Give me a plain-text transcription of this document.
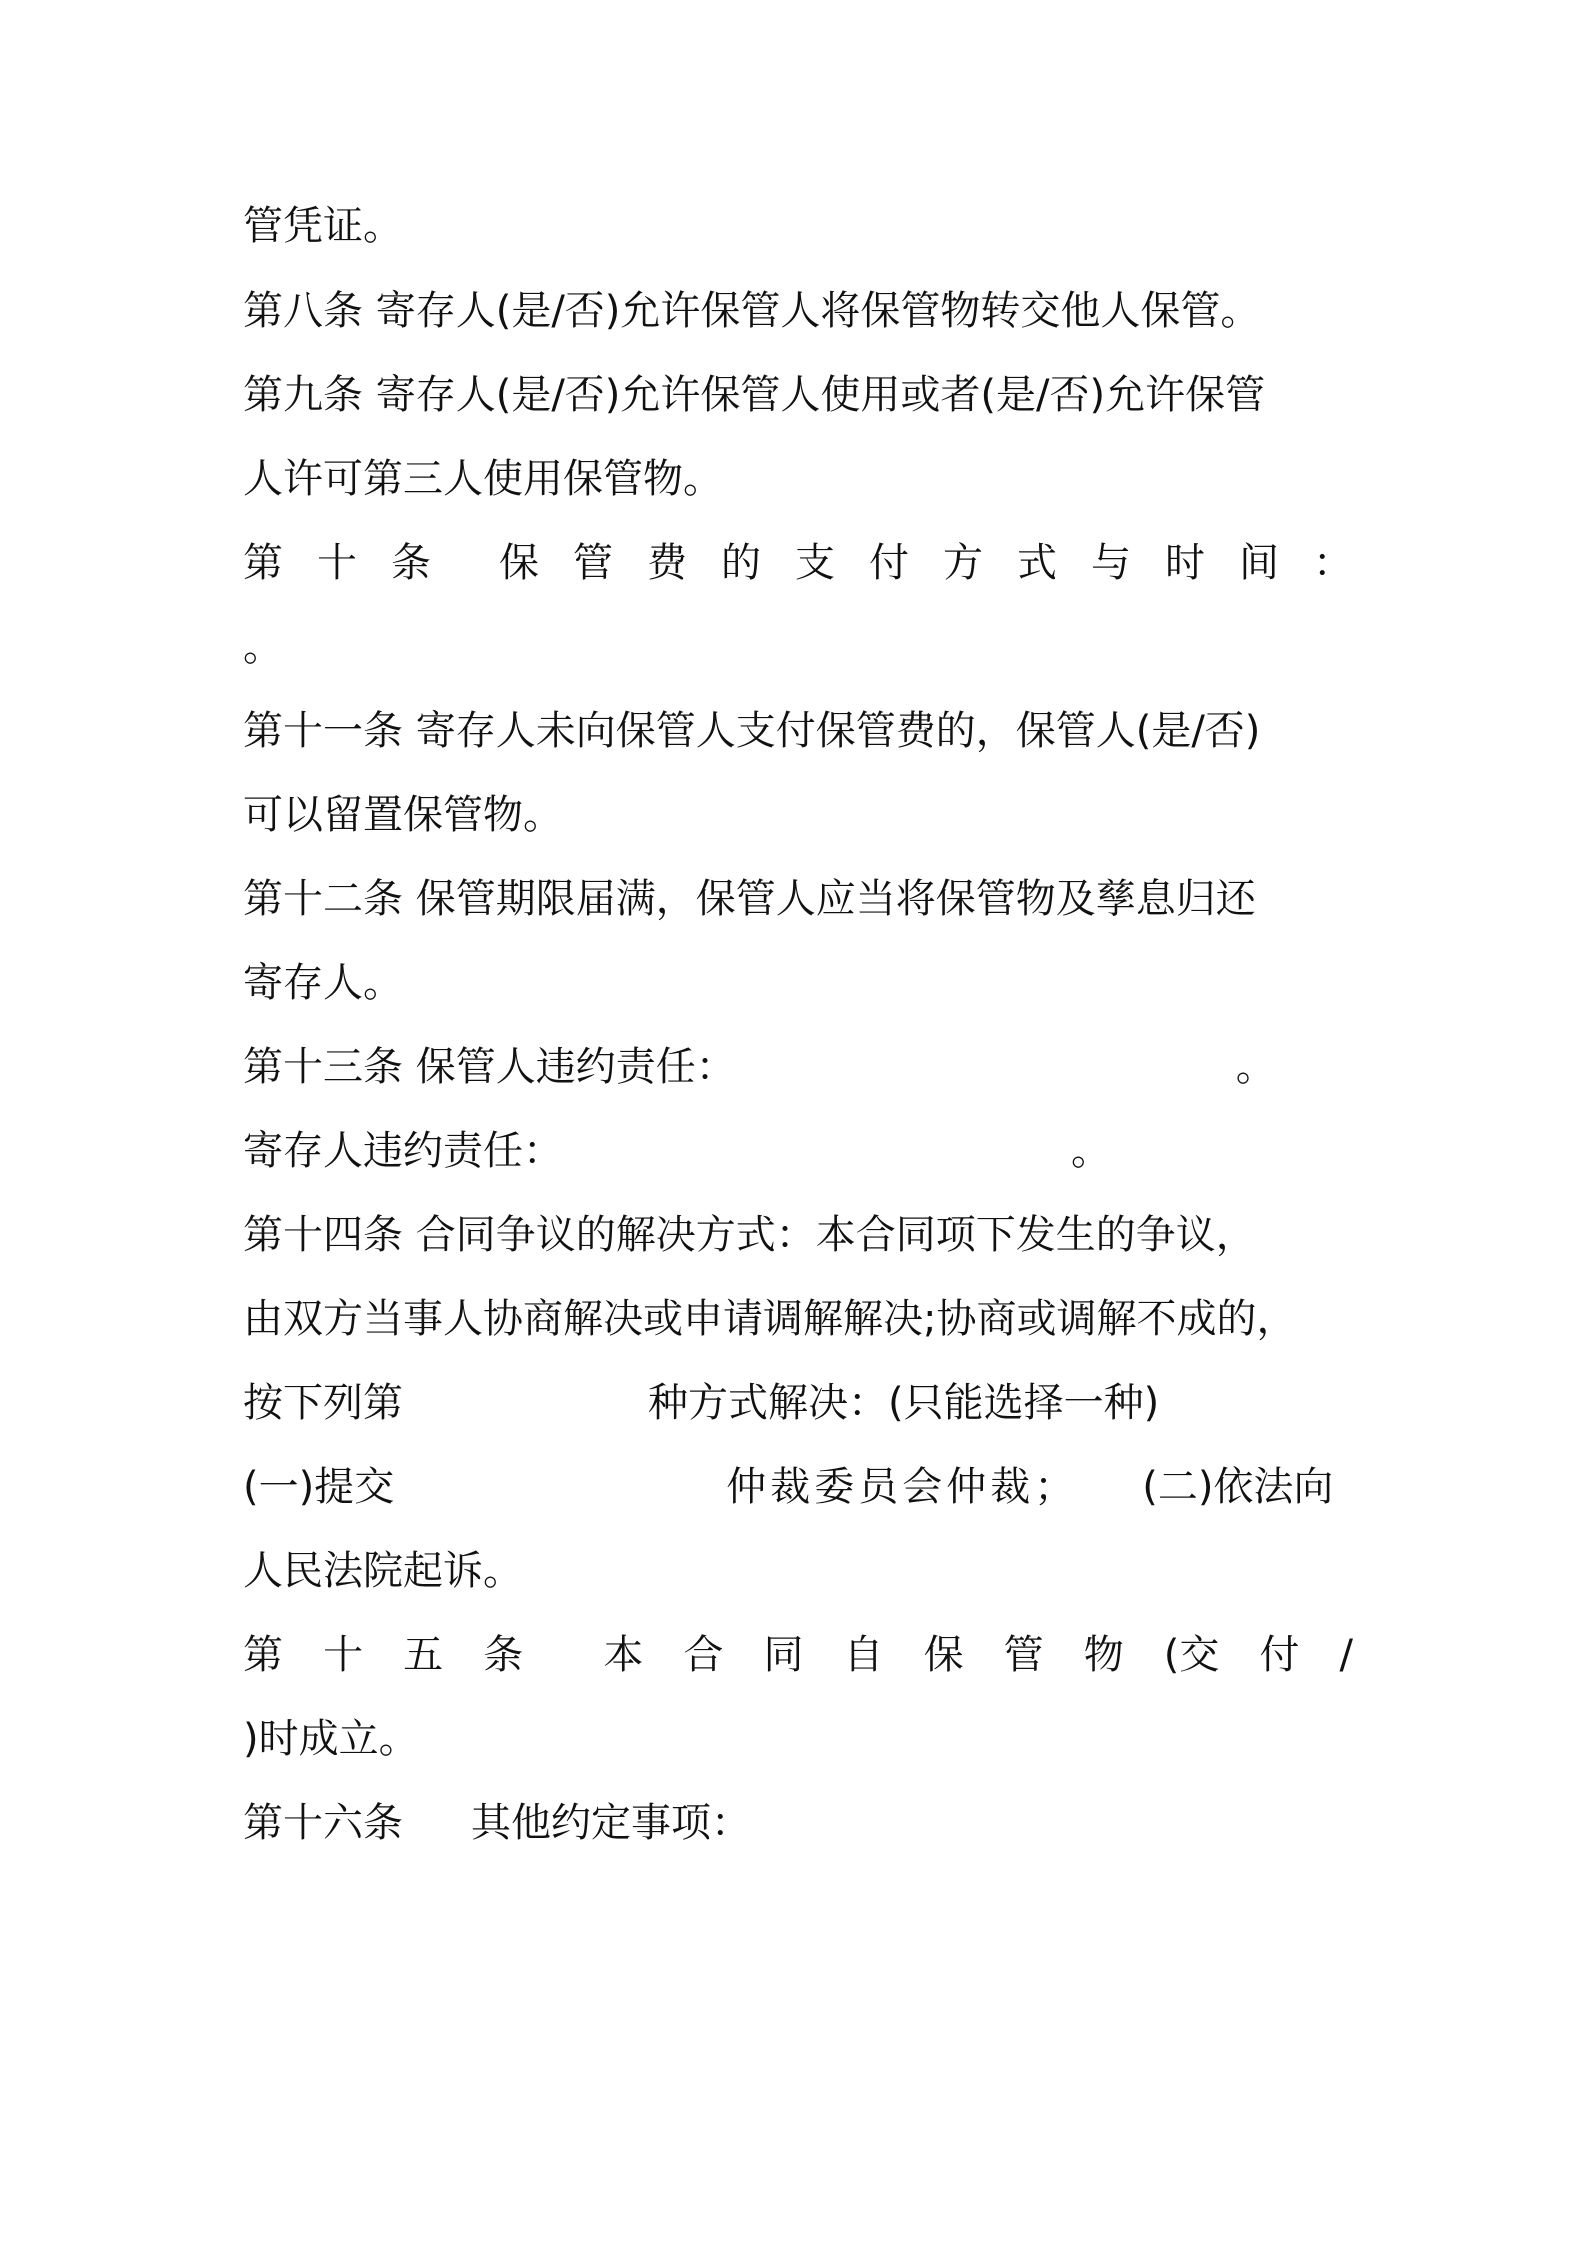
管凭证。
第八条 寄存人(是/否)允许保管人将保管物转交他人保管。
第九条 寄存人(是/否)允许保管人使用或者(是/否)允许保管
人许可第三人使用保管物。
第 十 条 保 管 费 的 支 付 方 式 与 时 间 ：
。
第十一条 寄存人未向保管人支付保管费的，保管人(是/否)
可以留置保管物。
第十二条 保管期限届满，保管人应当将保管物及孳息归还
寄存人。
第十三条 保管人违约责任：	。
寄存人违约责任：	。
第十四条 合同争议的解决方式：本合同项下发生的争议，
由双方当事人协商解决或申请调解解决;协商或调解不成的，
按下列第	种方式解决：(只能选择一种)
(一)提交	仲裁委员会仲裁； (二)依法向
人民法院起诉。
第 十 五 条 本 合 同 自 保 管 物 (交 付 /
)时成立。
第十六条 其他约定事项：
